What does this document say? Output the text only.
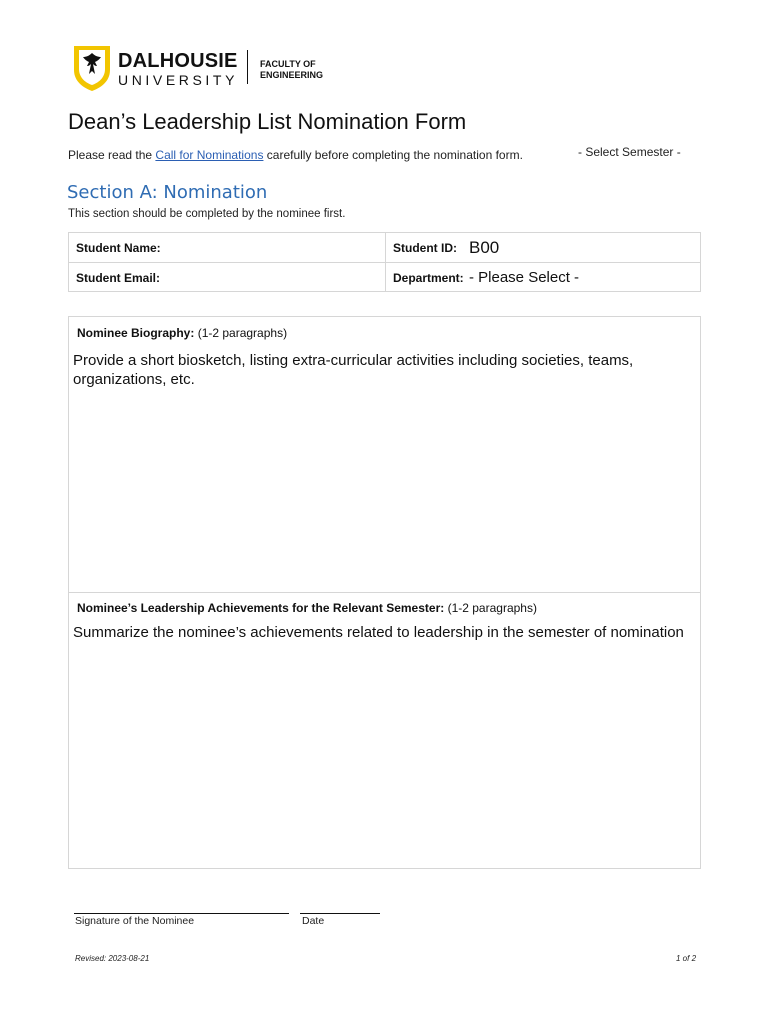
DALHOUSIE
UNIVERSITY
FACULTY OF
ENGINEERING
Dean’s Leadership List Nomination Form
Please read the Call for Nominations carefully before completing the nomination form.	- Select Semester -
Section A: Nomination
This section should be completed by the nominee first.
Student Name:	Student ID: B00
Student Email:	Department: - Please Select -
Nominee Biography: (1-2 paragraphs)
Provide a short biosketch, listing extra-curricular activities including societies, teams, organizations, etc.
Nominee’s Leadership Achievements for the Relevant Semester: (1-2 paragraphs)
Summarize the nominee’s achievements related to leadership in the semester of nomination
Signature of the Nominee	Date
Revised: 2023-08-21	1 of 2
